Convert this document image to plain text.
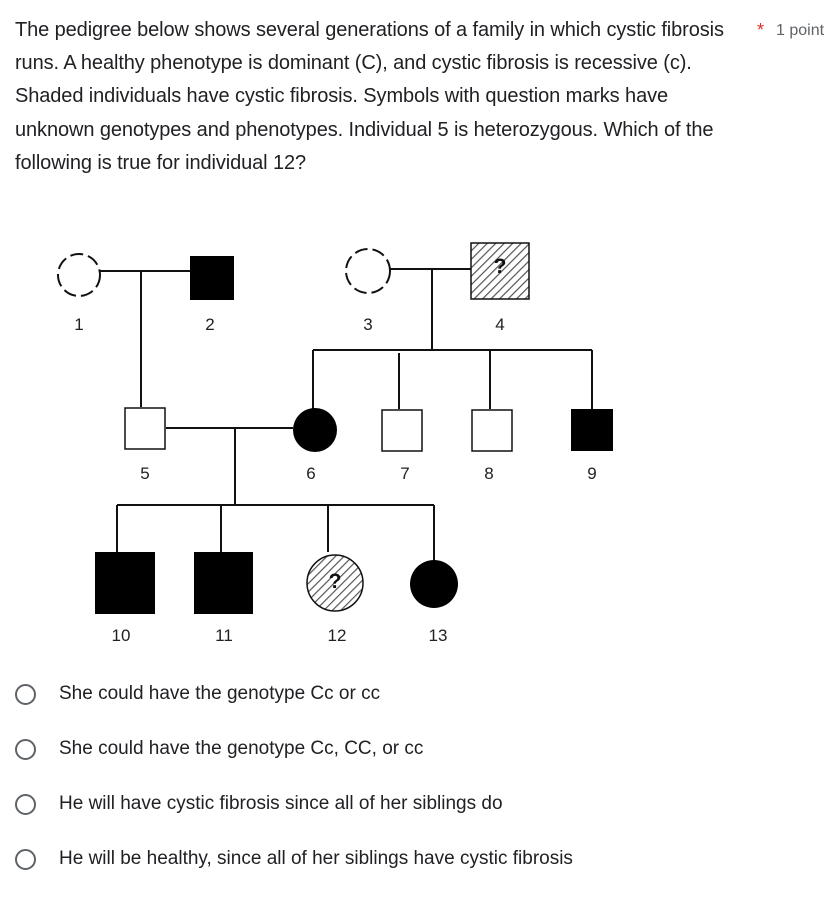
The pedigree below shows several generations of a family in which cystic fibrosis runs. A healthy phenotype is dominant (C), and cystic fibrosis is recessive (c). Shaded individuals have cystic fibrosis. Symbols with question marks have unknown genotypes and phenotypes. Individual 5 is heterozygous. Which of the following is true for individual 12?

* 1 point
?
?
1	2	3	4
5	6	7	8	9
10	11	12	13
She could have the genotype Cc or cc
She could have the genotype Cc, CC, or cc
He will have cystic fibrosis since all of her siblings do
He will be healthy, since all of her siblings have cystic fibrosis
